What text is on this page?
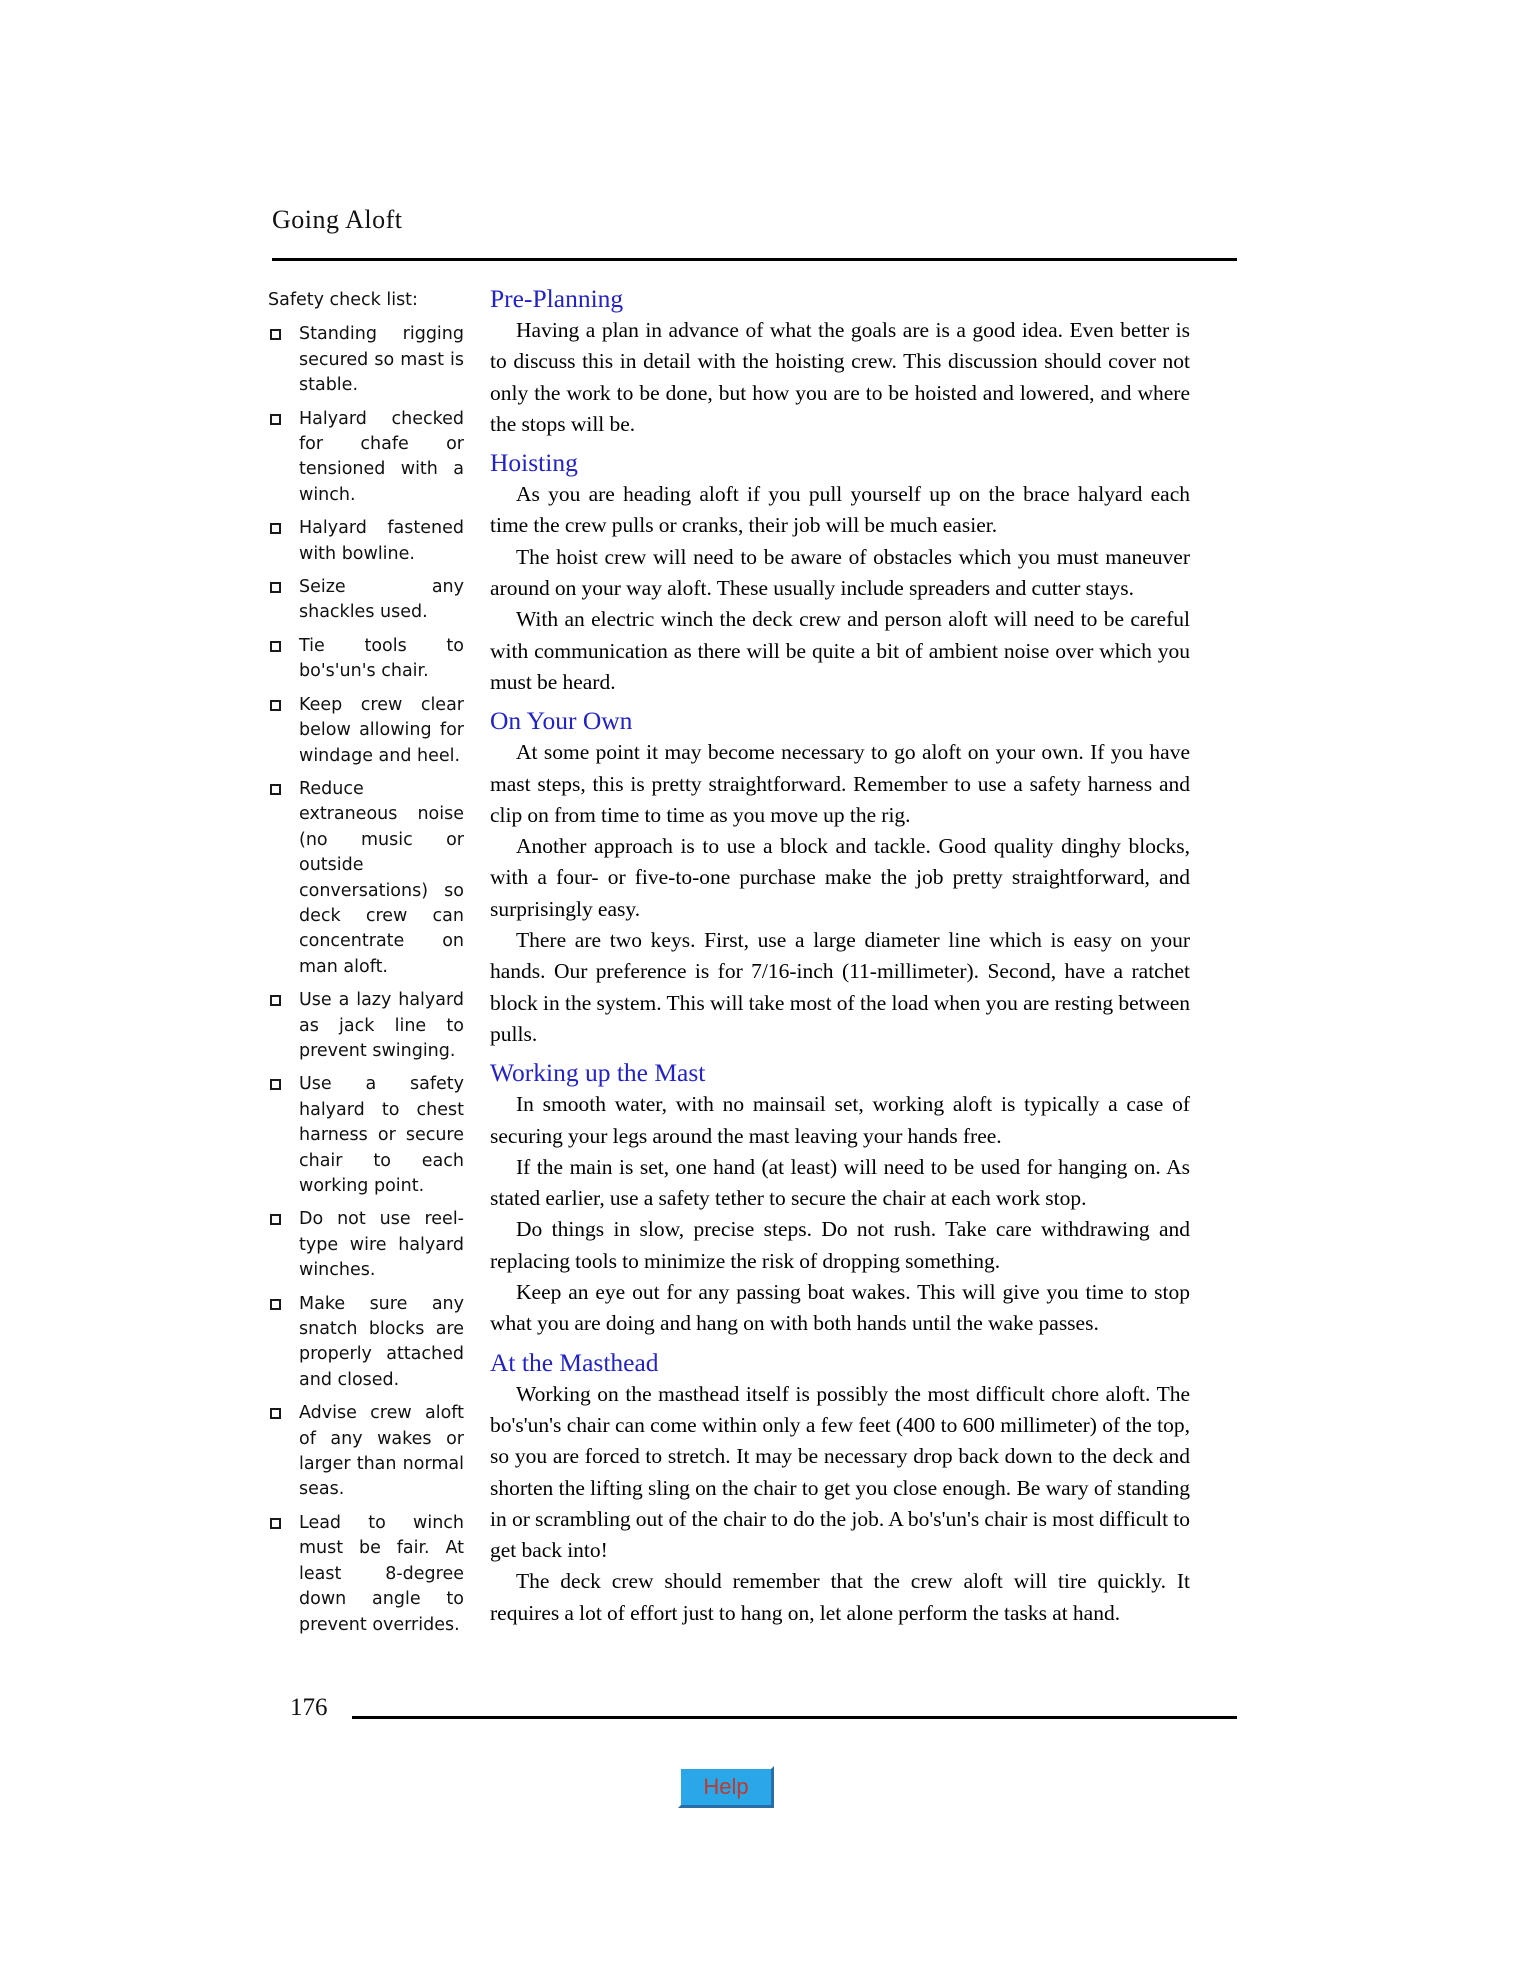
Going Aloft

Safety check list:

Standing rigging secured so mast is stable.
Halyard checked for chafe or tensioned with a winch.
Halyard fastened with bowline.
Seize any shackles used.
Tie tools to bo's'un's chair.
Keep crew clear below allowing for windage and heel.
Reduce extraneous noise (no music or outside conversations) so deck crew can concentrate on man aloft.
Use a lazy halyard as jack line to prevent swinging.
Use a safety halyard to chest harness or secure chair to each working point.
Do not use reel-type wire halyard winches.
Make sure any snatch blocks are properly attached and closed.
Advise crew aloft of any wakes or larger than normal seas.
Lead to winch must be fair. At least 8-degree down angle to prevent overrides.
Pre-Planning

Having a plan in advance of what the goals are is a good idea. Even better is to discuss this in detail with the hoisting crew. This discussion should cover not only the work to be done, but how you are to be hoisted and lowered, and where the stops will be.

Hoisting

As you are heading aloft if you pull yourself up on the brace halyard each time the crew pulls or cranks, their job will be much easier.

The hoist crew will need to be aware of obstacles which you must maneuver around on your way aloft. These usually include spreaders and cutter stays.

With an electric winch the deck crew and person aloft will need to be careful with communication as there will be quite a bit of ambient noise over which you must be heard.

On Your Own

At some point it may become necessary to go aloft on your own. If you have mast steps, this is pretty straightforward. Remember to use a safety harness and clip on from time to time as you move up the rig.

Another approach is to use a block and tackle. Good quality dinghy blocks, with a four- or five-to-one purchase make the job pretty straightforward, and surprisingly easy.

There are two keys. First, use a large diameter line which is easy on your hands. Our preference is for 7/16-inch (11-millimeter). Second, have a ratchet block in the system. This will take most of the load when you are resting between pulls.

Working up the Mast

In smooth water, with no mainsail set, working aloft is typically a case of securing your legs around the mast leaving your hands free.

If the main is set, one hand (at least) will need to be used for hanging on. As stated earlier, use a safety tether to secure the chair at each work stop.

Do things in slow, precise steps. Do not rush. Take care withdrawing and replacing tools to minimize the risk of dropping something.

Keep an eye out for any passing boat wakes. This will give you time to stop what you are doing and hang on with both hands until the wake passes.

At the Masthead

Working on the masthead itself is possibly the most difficult chore aloft. The bo's'un's chair can come within only a few feet (400 to 600 millimeter) of the top, so you are forced to stretch. It may be necessary drop back down to the deck and shorten the lifting sling on the chair to get you close enough. Be wary of standing in or scrambling out of the chair to do the job. A bo's'un's chair is most difficult to get back into!

The deck crew should remember that the crew aloft will tire quickly. It requires a lot of effort just to hang on, let alone perform the tasks at hand.

176
Help
